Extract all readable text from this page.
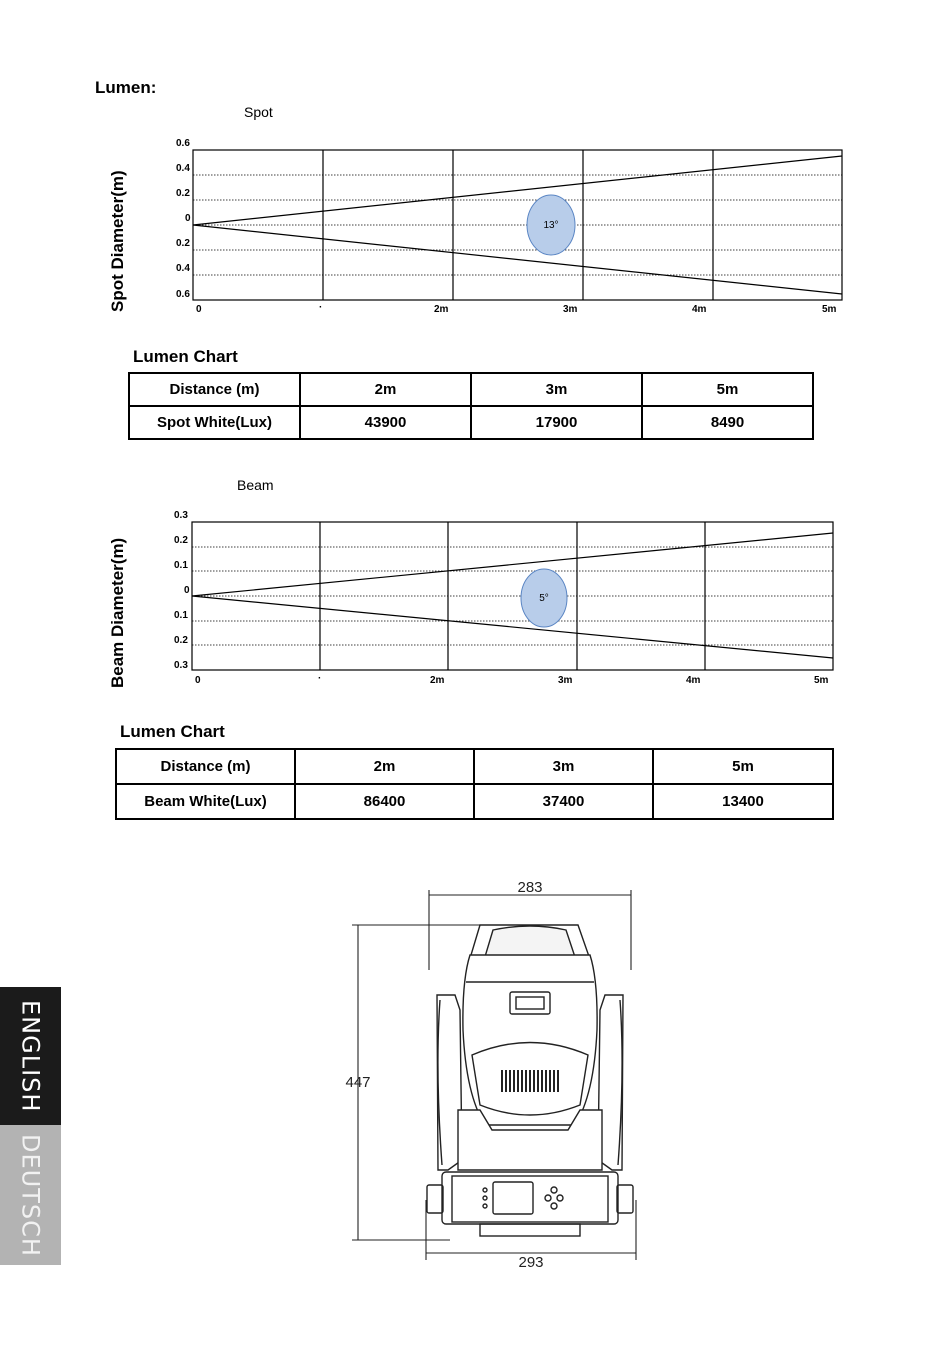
Lumen:
Spot
Spot Diameter(m)
0.6
0.4
0.2
0
0.2
0.4
0.6
0	·	2m	3m	4m	5m
13°
Lumen Chart
Distance (m)	2m	3m	5m
Spot White(Lux)	43900	17900	8490
Beam
Beam Diameter(m)
0.3
0.2
0.1
0
0.1
0.2
0.3
0	·	2m	3m	4m	5m
5°
Lumen Chart
Distance (m)	2m	3m	5m
Beam White(Lux)	86400	37400	13400
283
293
447
ENGLISH
DEUTSCH
